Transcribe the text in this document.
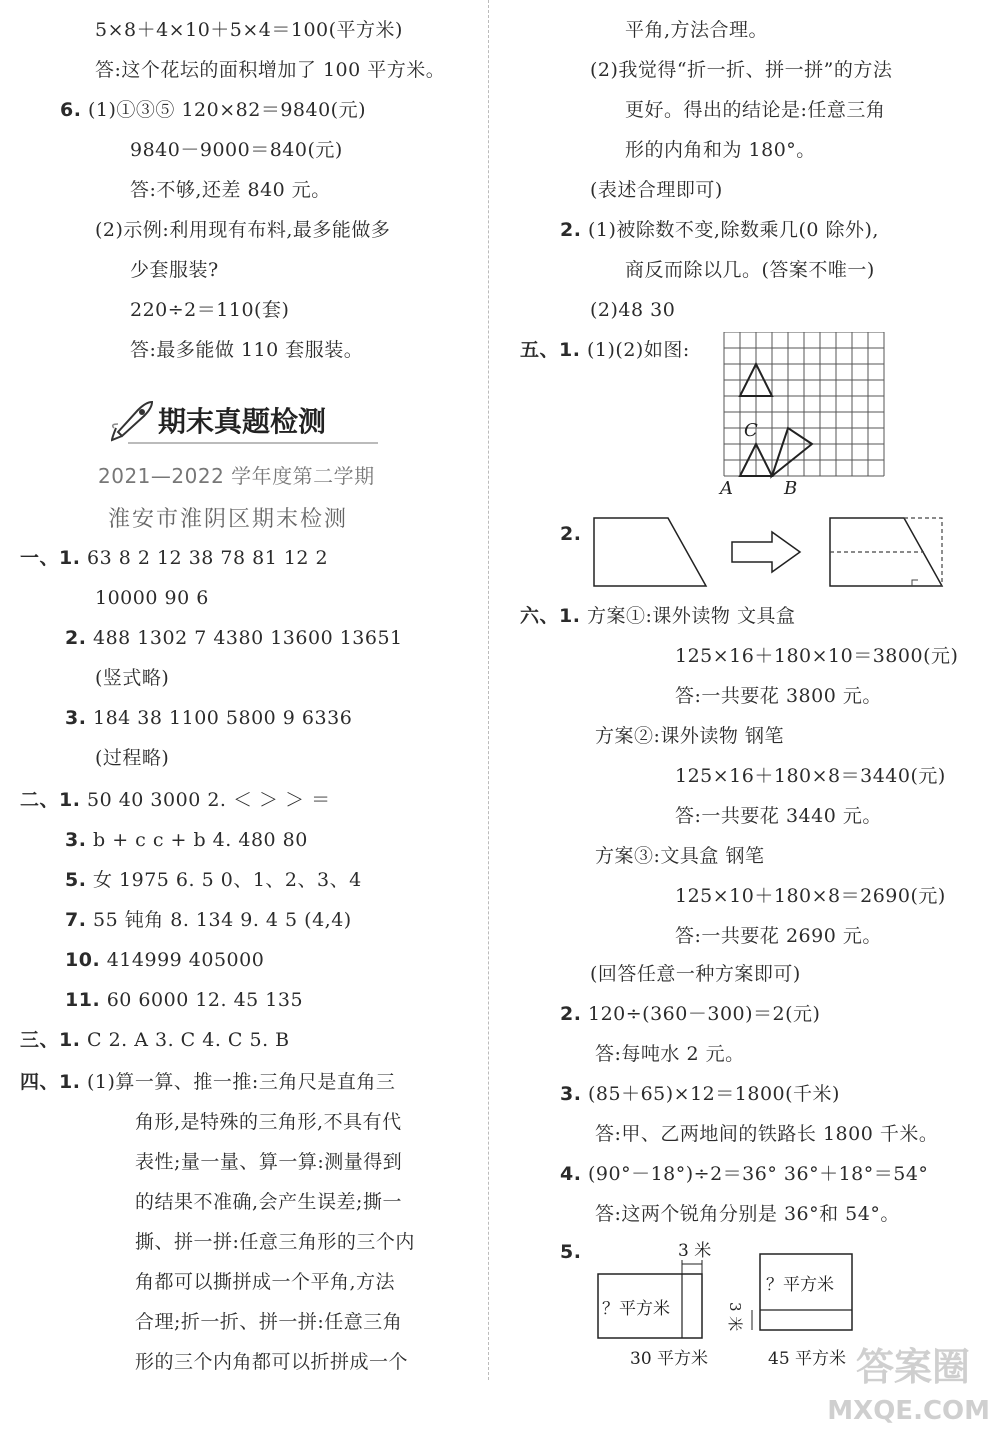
5×8＋4×10＋5×4＝100(平方米)
答:这个花坛的面积增加了 100 平方米。
6. (1)①③⑤ 120×82＝9840(元)
9840－9000＝840(元)
答:不够,还差 840 元。
(2)示例:利用现有布料,最多能做多
少套服装?
220÷2＝110(套)
答:最多能做 110 套服装。
一、1. 63 8 2 12 38 78 81 12 2
10000 90 6
2. 488 1302 7 4380 13600 13651
(竖式略)
3. 184 38 1100 5800 9 6336
(过程略)
二、1. 50 40 3000 2. ＜ ＞ ＞ ＝
3. b + c c + b 4. 480 80
5. 女 1975 6. 5 0、1、2、3、4
7. 55 钝角 8. 134 9. 4 5 (4,4)
10. 414999 405000
11. 60 6000 12. 45 135
三、1. C 2. A 3. C 4. C 5. B
四、1. (1)算一算、推一推:三角尺是直角三
角形,是特殊的三角形,不具有代
表性;量一量、算一算:测量得到
的结果不准确,会产生误差;撕一
撕、拼一拼:任意三角形的三个内
角都可以撕拼成一个平角,方法
合理;折一折、拼一拼:任意三角
形的三个内角都可以折拼成一个
平角,方法合理。
(2)我觉得“折一折、拼一拼”的方法
更好。得出的结论是:任意三角
形的内角和为 180°。
(表述合理即可)
2. (1)被除数不变,除数乘几(0 除外),
商反而除以几。(答案不唯一)
(2)48 30
五、1. (1)(2)如图:
2.
六、1. 方案①:课外读物 文具盒
125×16＋180×10＝3800(元)
答:一共要花 3800 元。
方案②:课外读物 钢笔
125×16＋180×8＝3440(元)
答:一共要花 3440 元。
方案③:文具盒 钢笔
125×10＋180×8＝2690(元)
答:一共要花 2690 元。
(回答任意一种方案即可)
2. 120÷(360－300)＝2(元)
答:每吨水 2 元。
3. (85＋65)×12＝1800(千米)
答:甲、乙两地间的铁路长 1800 千米。
4. (90°－18°)÷2＝36° 36°＋18°＝54°
答:这两个锐角分别是 36°和 54°。
5.
期末真题检测
2021—2022 学年度第二学期
淮安市淮阴区期末检测
C
A	B
3 米
？平方米
30 平方米
？平方米
3 米
45 平方米 答案圈
MXQE.COM
